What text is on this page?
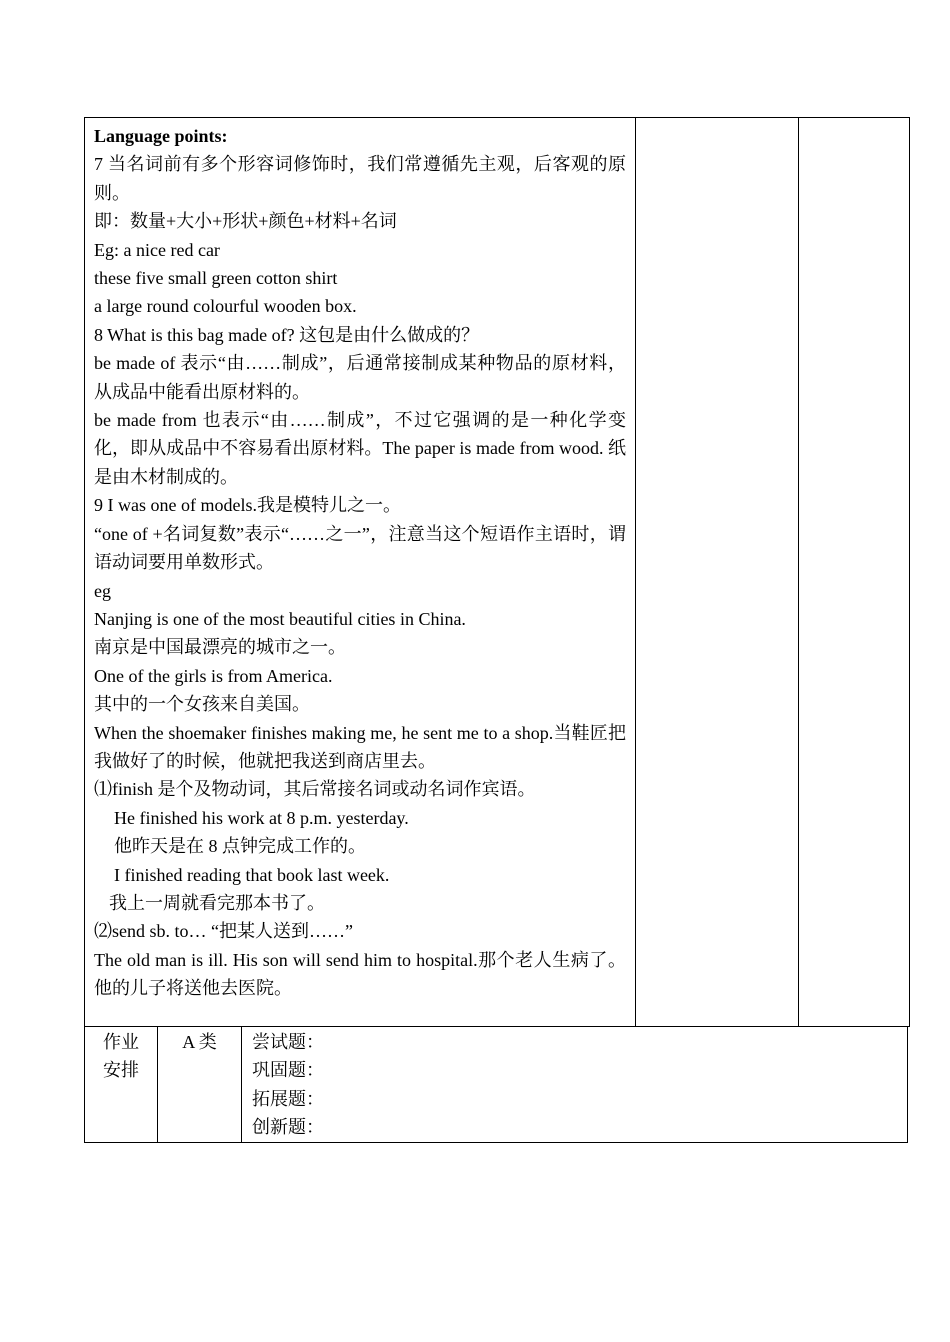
Language points:

7 当名词前有多个形容词修饰时，我们常遵循先主观，后客观的原则。

即：数量+大小+形状+颜色+材料+名词

Eg: a nice red car

these five small green cotton shirt

a large round colourful wooden box.

8 What is this bag made of? 这包是由什么做成的？

be made of 表示“由……制成”，后通常接制成某种物品的原材料，从成品中能看出原材料的。

be made from 也表示“由……制成”，不过它强调的是一种化学变化，即从成品中不容易看出原材料。The paper is made from wood. 纸是由木材制成的。

9 I was one of models.我是模特儿之一。

“one of +名词复数”表示“……之一”，注意当这个短语作主语时，谓语动词要用单数形式。

eg

Nanjing is one of the most beautiful cities in China.

南京是中国最漂亮的城市之一。

One of the girls is from America.

其中的一个女孩来自美国。

When the shoemaker finishes making me, he sent me to a shop.当鞋匠把我做好了的时候，他就把我送到商店里去。

⑴finish 是个及物动词，其后常接名词或动名词作宾语。

He finished his work at 8 p.m. yesterday.

他昨天是在 8 点钟完成工作的。

I finished reading that book last week.

我上一周就看完那本书了。

⑵send sb. to… “把某人送到……”

The old man is ill. His son will send him to hospital.那个老人生病了。他的儿子将送他去医院。

作业
安排

A 类	尝试题：
巩固题：
拓展题：
创新题：
